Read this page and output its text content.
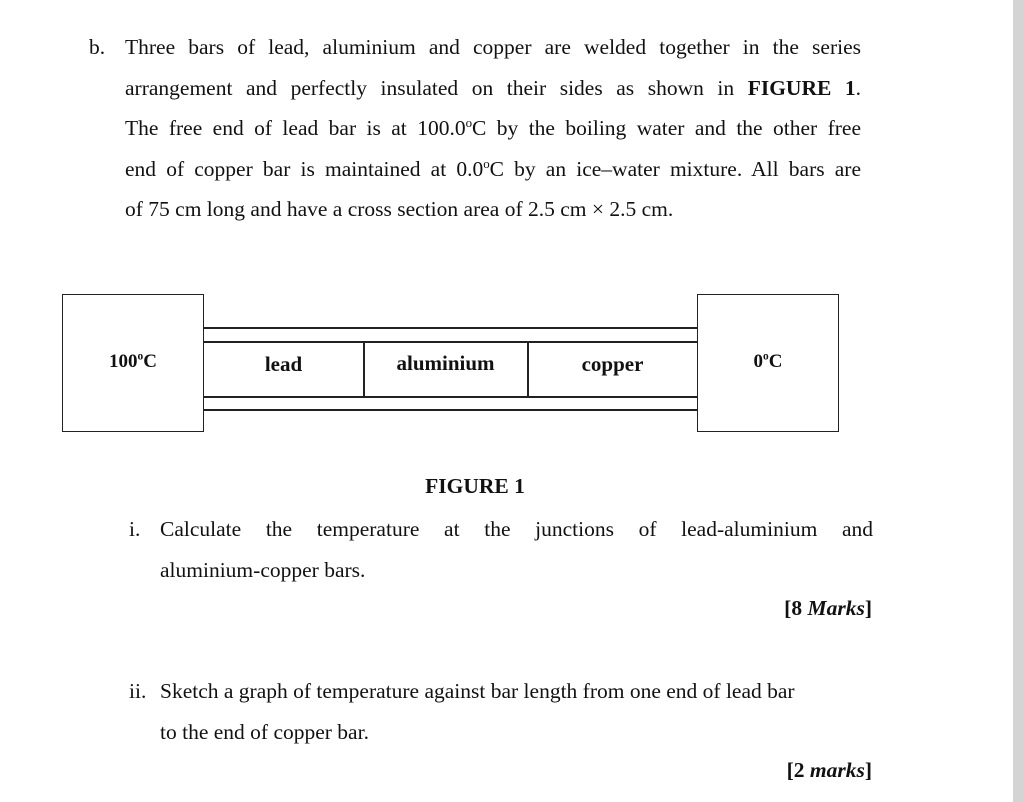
b. Three bars of lead, aluminium and copper are welded together in the series
arrangement and perfectly insulated on their sides as shown in FIGURE 1.
The free end of lead bar is at 100.0$^o$C by the boiling water and the other free
end of copper bar is maintained at 0.0$^o$C by an ice–water mixture. All bars are
of 75 cm long and have a cross section area of 2.5 cm × 2.5 cm.
100$^o$C	0$^o$C
lead	aluminium	copper
FIGURE 1
i. Calculate the temperature at the junctions of lead-aluminium and
aluminium-copper bars.
[8 Marks]
ii. Sketch a graph of temperature against bar length from one end of lead bar
to the end of copper bar.
[2 marks]
